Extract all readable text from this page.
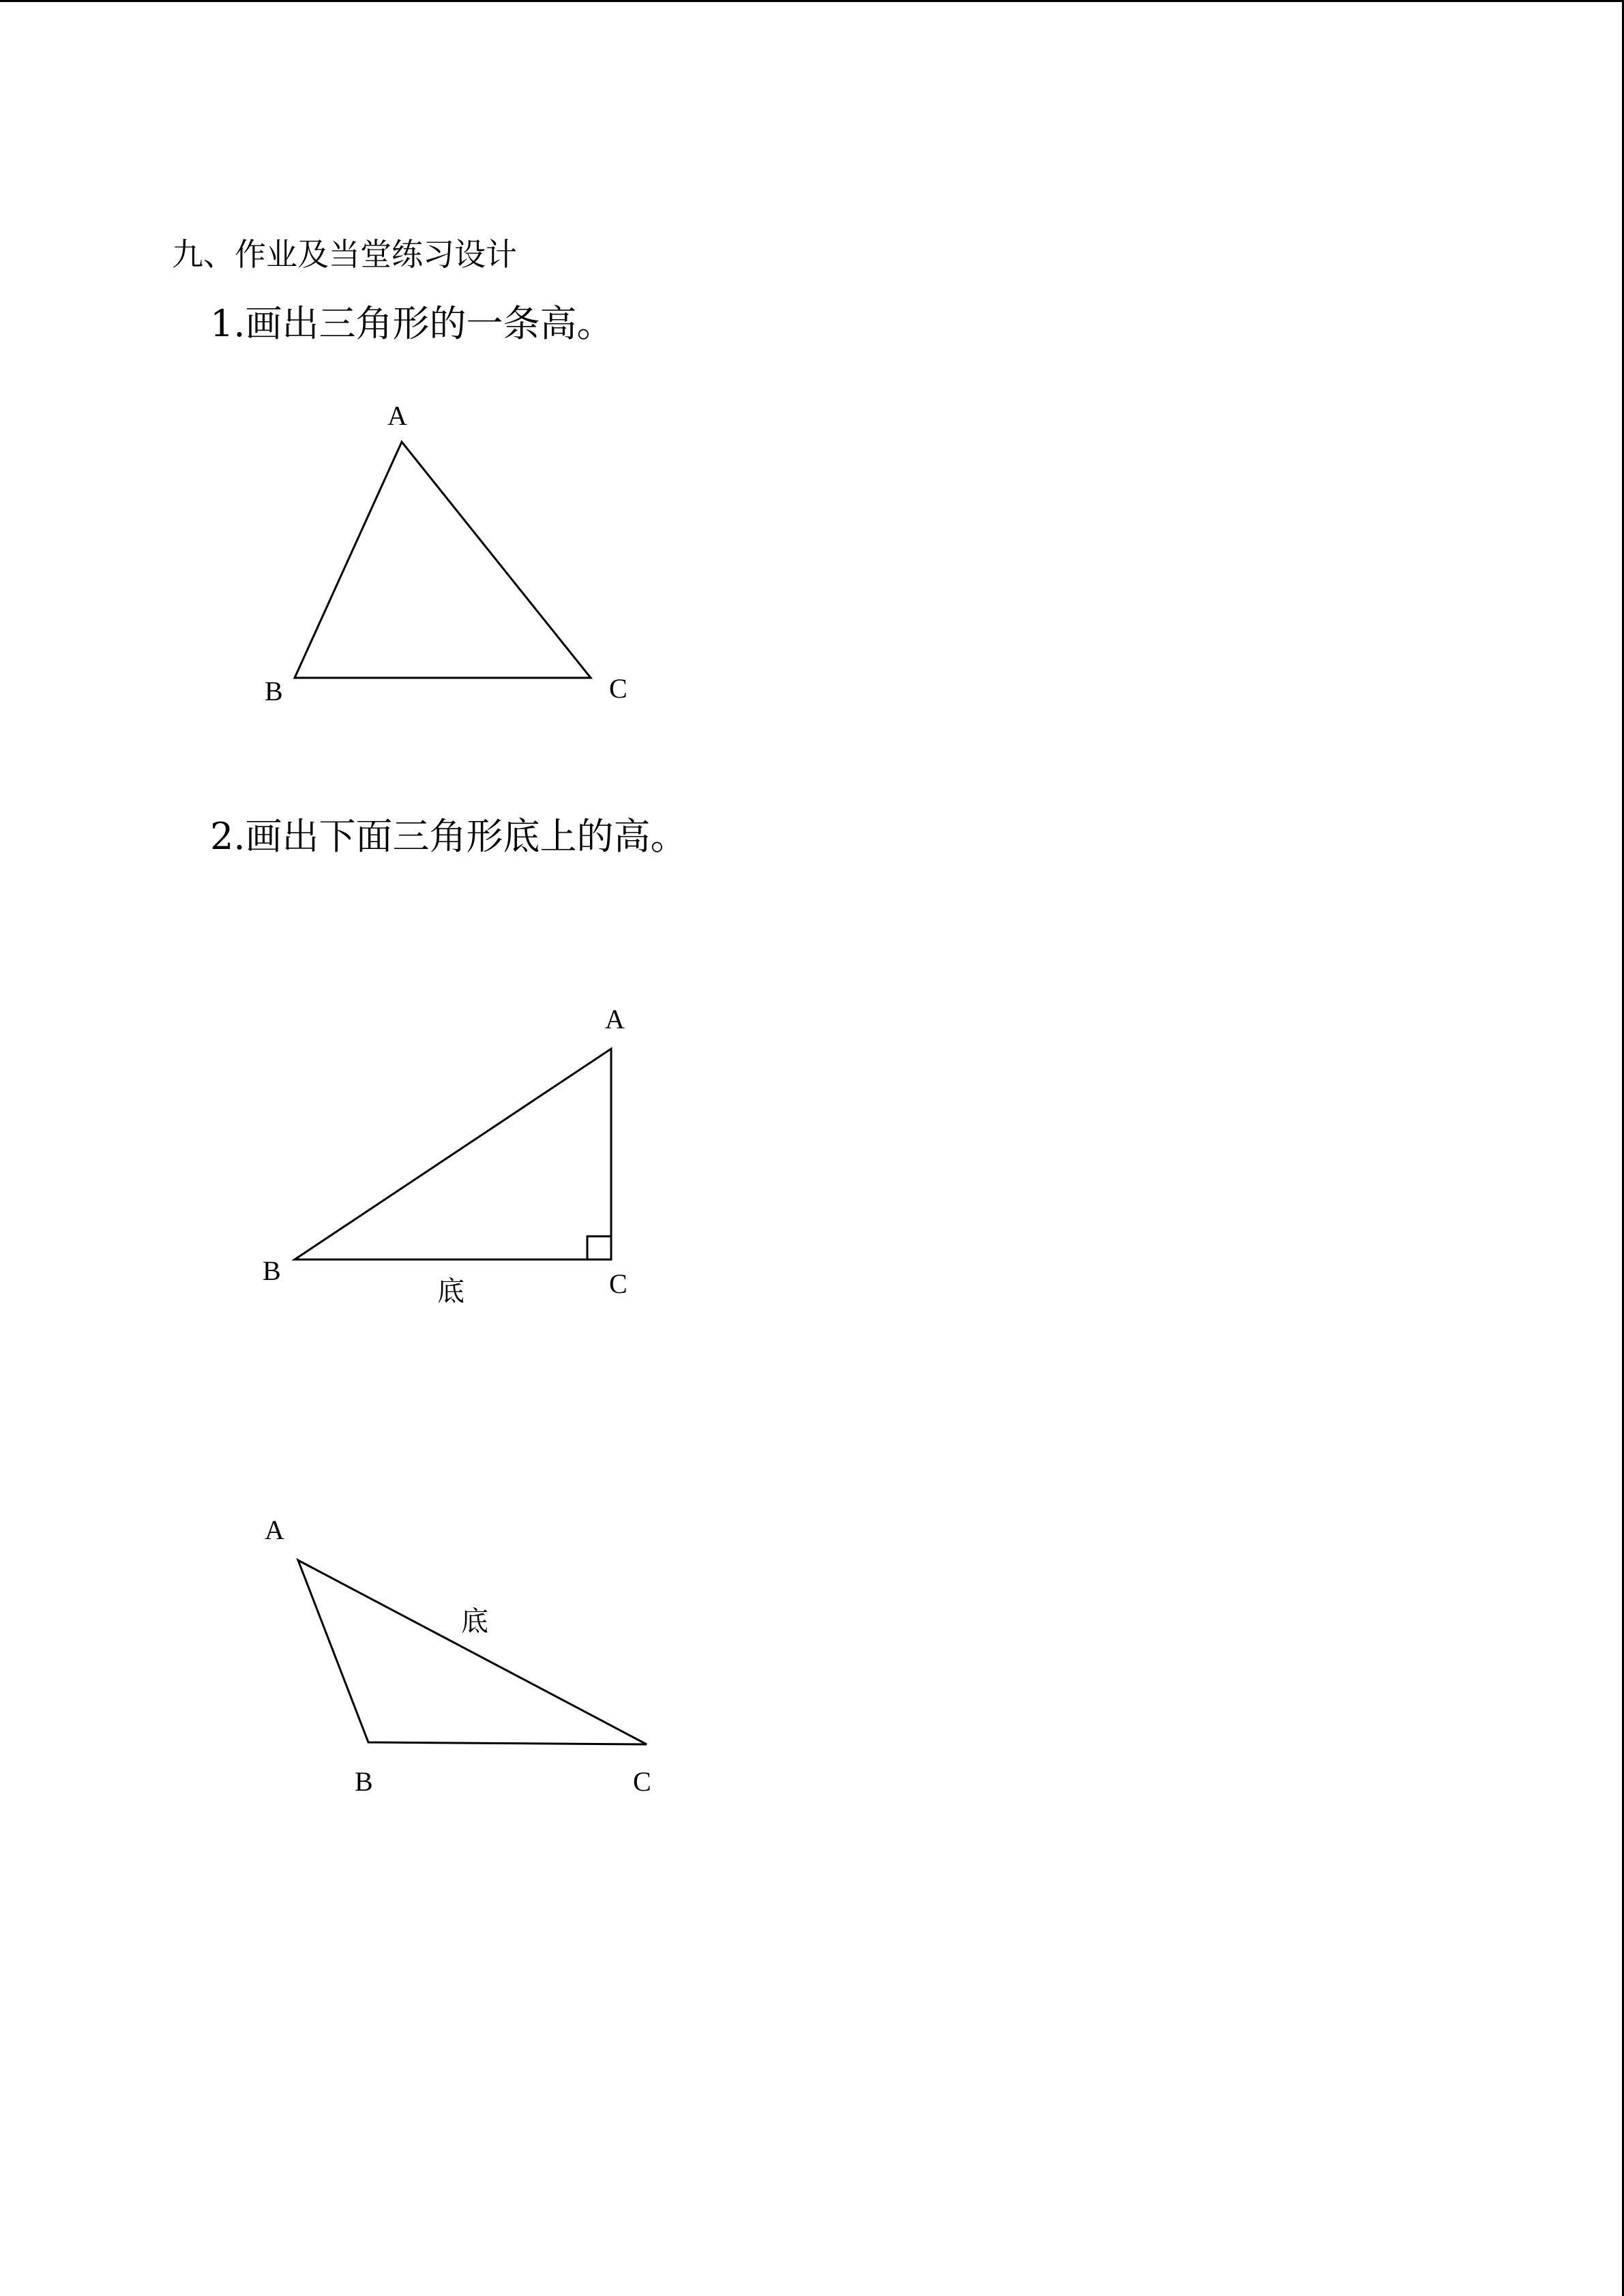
九、作业及当堂练习设计
1.画出三角形的一条高。
2.画出下面三角形底上的高。
A
B	C
A
B	C
底
A
B	C
底
